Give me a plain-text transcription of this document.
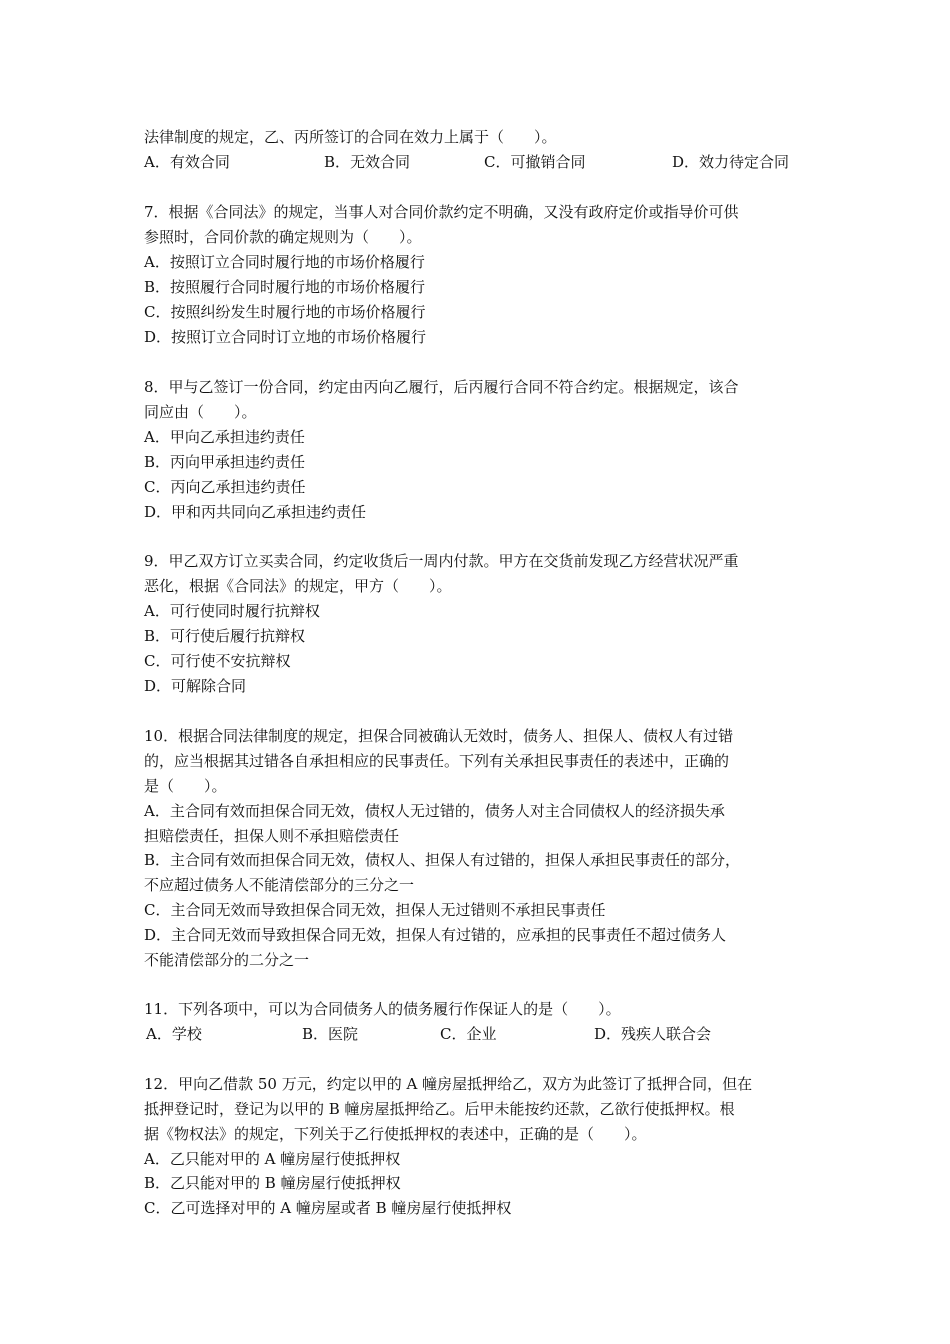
法律制度的规定，乙、丙所签订的合同在效力上属于（　　）。
A．有效合同	B．无效合同	C．可撤销合同	D．效力待定合同
7．根据《合同法》的规定，当事人对合同价款约定不明确，又没有政府定价或指导价可供
参照时，合同价款的确定规则为（　　）。
A．按照订立合同时履行地的市场价格履行
B．按照履行合同时履行地的市场价格履行
C．按照纠纷发生时履行地的市场价格履行
D．按照订立合同时订立地的市场价格履行
8．甲与乙签订一份合同，约定由丙向乙履行，后丙履行合同不符合约定。根据规定，该合
同应由（　　）。
A．甲向乙承担违约责任
B．丙向甲承担违约责任
C．丙向乙承担违约责任
D．甲和丙共同向乙承担违约责任
9．甲乙双方订立买卖合同，约定收货后一周内付款。甲方在交货前发现乙方经营状况严重
恶化，根据《合同法》的规定，甲方（　　）。
A．可行使同时履行抗辩权
B．可行使后履行抗辩权
C．可行使不安抗辩权
D．可解除合同
10．根据合同法律制度的规定，担保合同被确认无效时，债务人、担保人、债权人有过错
的，应当根据其过错各自承担相应的民事责任。下列有关承担民事责任的表述中，正确的
是（　　）。
A．主合同有效而担保合同无效，债权人无过错的，债务人对主合同债权人的经济损失承
担赔偿责任，担保人则不承担赔偿责任
B．主合同有效而担保合同无效，债权人、担保人有过错的，担保人承担民事责任的部分，
不应超过债务人不能清偿部分的三分之一
C．主合同无效而导致担保合同无效，担保人无过错则不承担民事责任
D．主合同无效而导致担保合同无效，担保人有过错的，应承担的民事责任不超过债务人
不能清偿部分的二分之一
11．下列各项中，可以为合同债务人的债务履行作保证人的是（　　）。
A．学校	B．医院	C．企业	D．残疾人联合会
12．甲向乙借款 50 万元，约定以甲的 A 幢房屋抵押给乙，双方为此签订了抵押合同，但在
抵押登记时，登记为以甲的 B 幢房屋抵押给乙。后甲未能按约还款，乙欲行使抵押权。根
据《物权法》的规定，下列关于乙行使抵押权的表述中，正确的是（　　）。
A．乙只能对甲的 A 幢房屋行使抵押权
B．乙只能对甲的 B 幢房屋行使抵押权
C．乙可选择对甲的 A 幢房屋或者 B 幢房屋行使抵押权
